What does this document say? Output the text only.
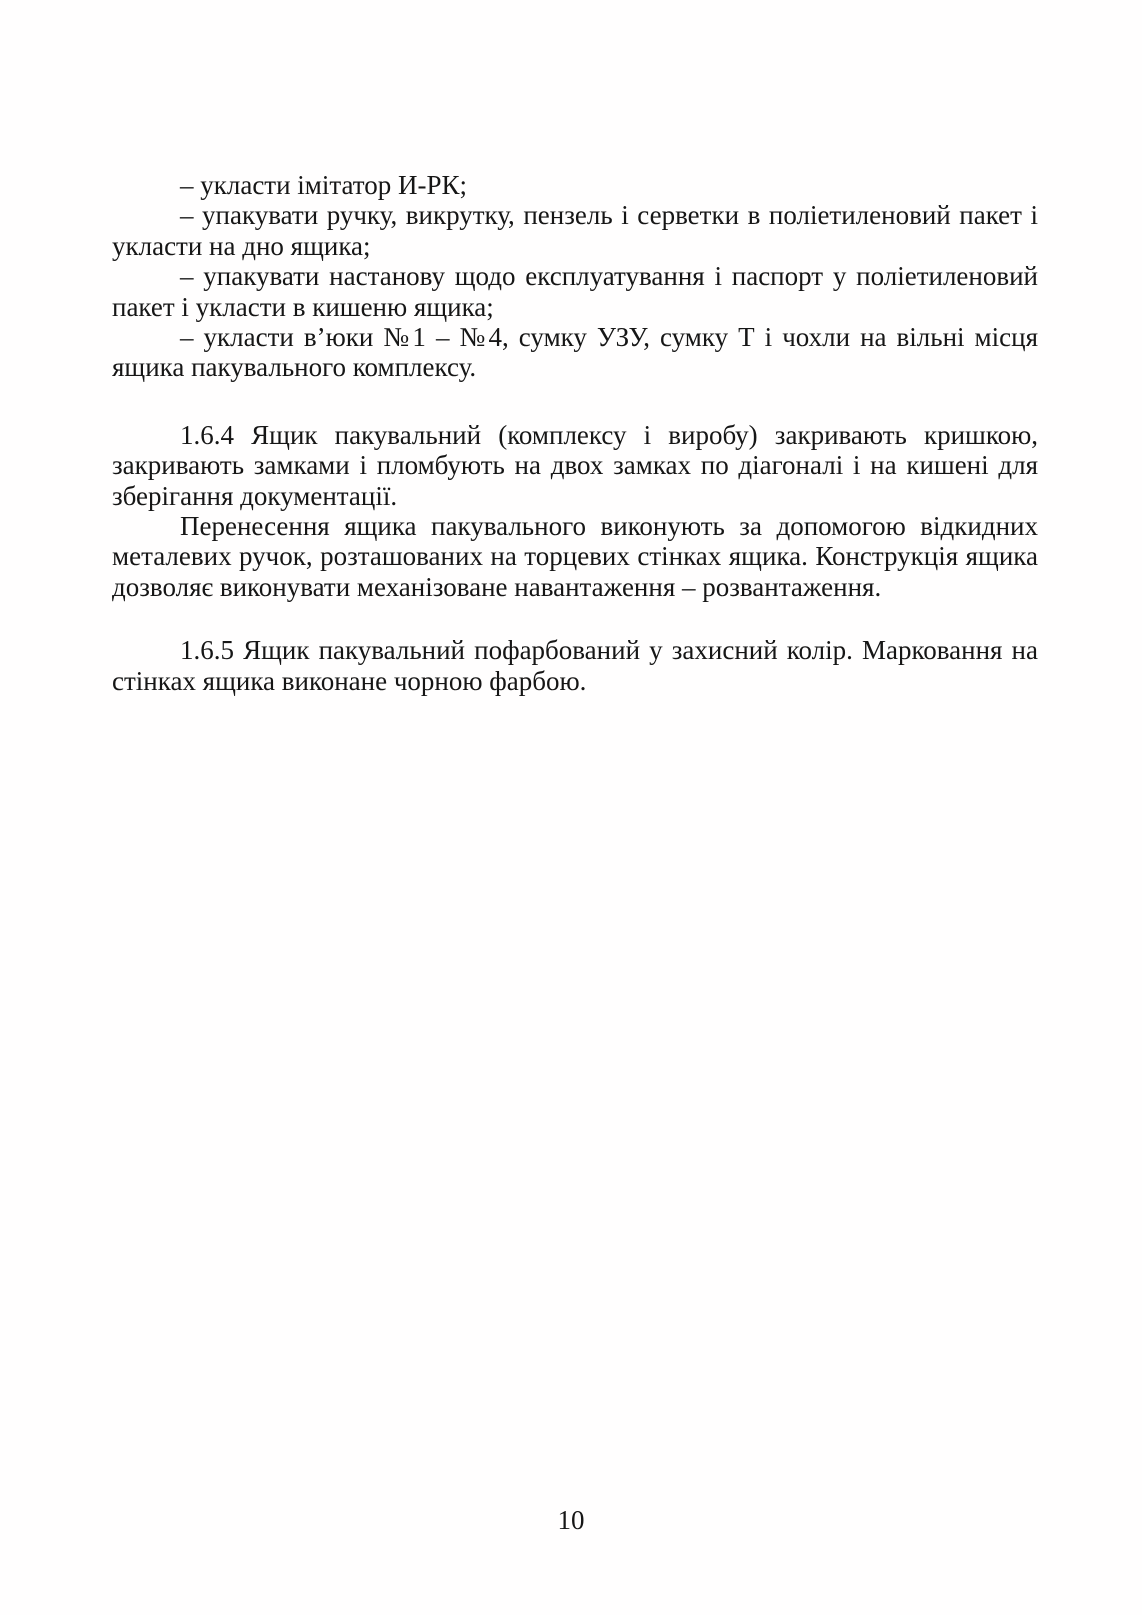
– укласти імітатор И-РК;

– упакувати ручку, викрутку, пензель і серветки в поліетиленовий пакет і укласти на дно ящика;

– упакувати настанову щодо експлуатування і паспорт у поліетиленовий пакет і укласти в кишеню ящика;

– укласти в’юки №1 – №4, сумку УЗУ, сумку Т і чохли на вільні місця ящика пакувального комплексу.

1.6.4 Ящик пакувальний (комплексу і виробу) закривають кришкою, закривають замками і пломбують на двох замках по діагоналі і на кишені для зберігання документації.

Перенесення ящика пакувального виконують за допомогою відкидних металевих ручок, розташованих на торцевих стінках ящика. Конструкція ящика дозволяє виконувати механізоване навантаження – розвантаження.

1.6.5 Ящик пакувальний пофарбований у захисний колір. Марковання на стінках ящика виконане чорною фарбою.

10
